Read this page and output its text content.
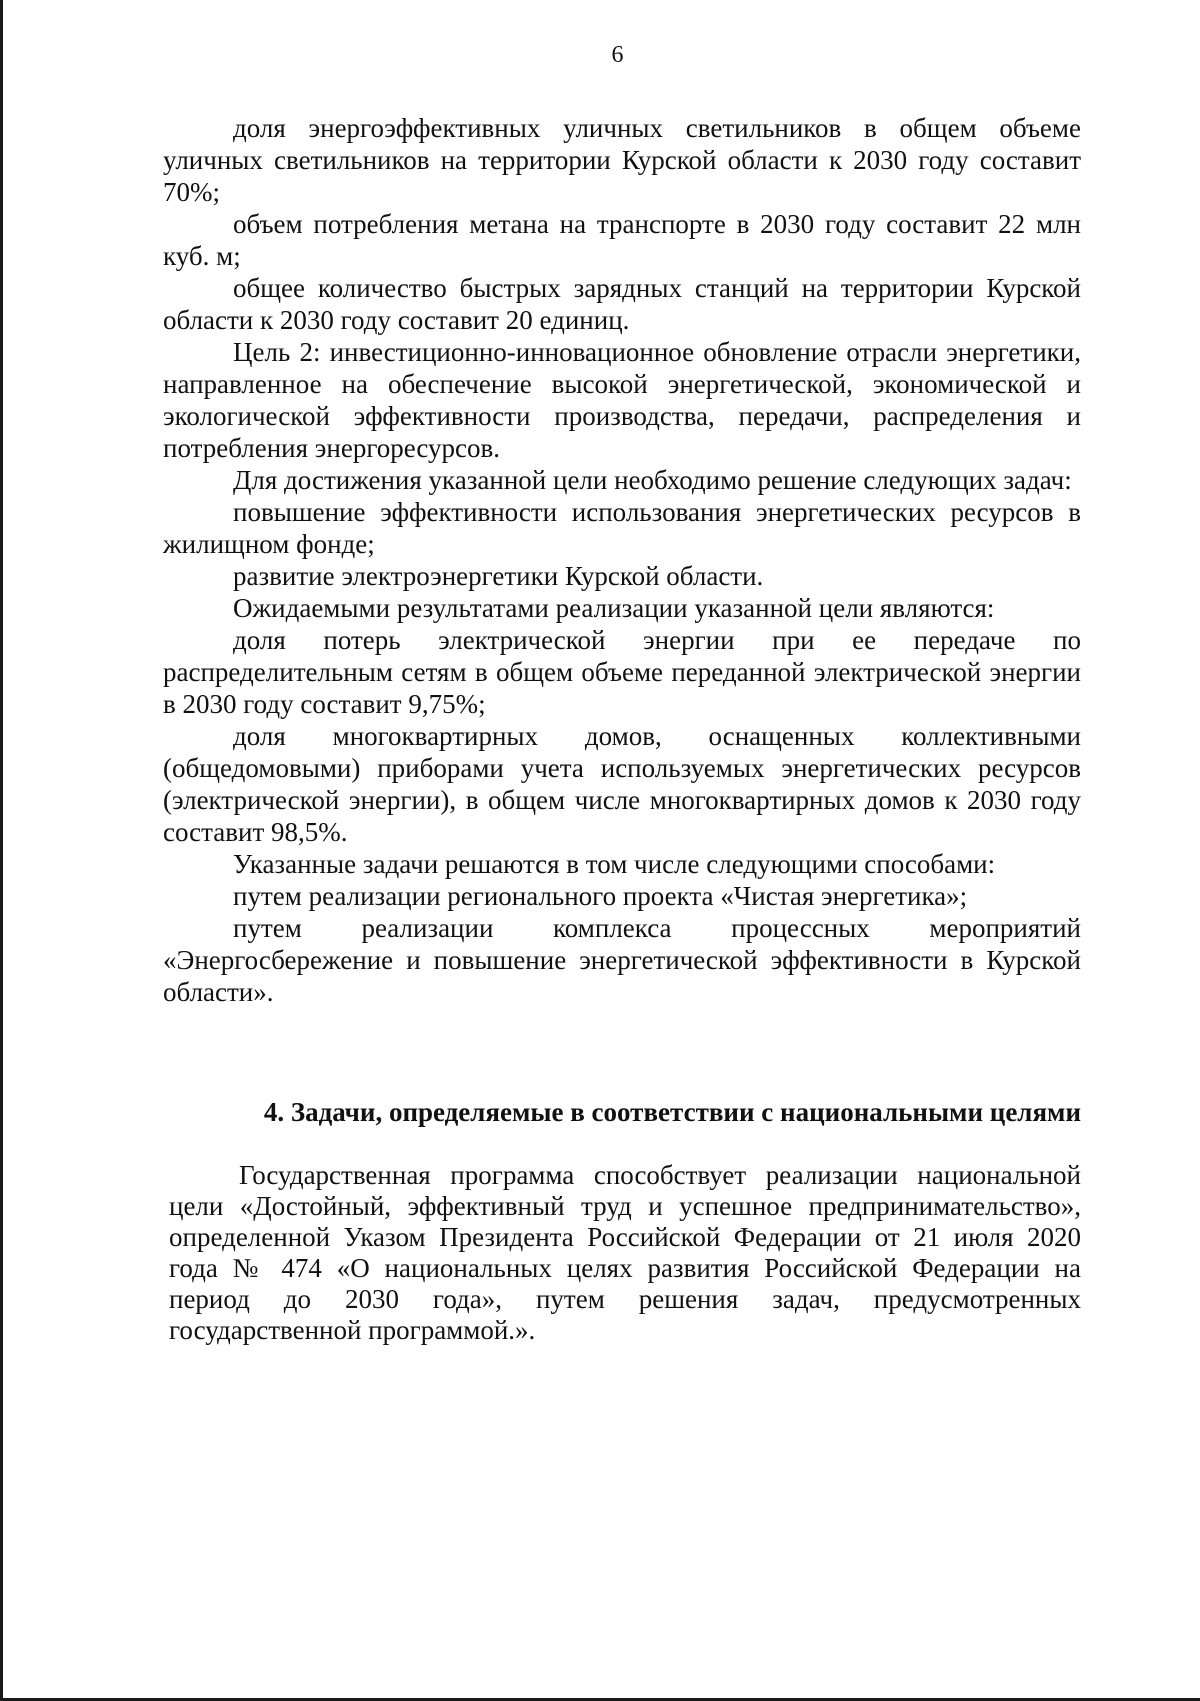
6

доля энергоэффективных уличных светильников в общем объеме уличных светильников на территории Курской области к 2030 году составит 70%;

объем потребления метана на транспорте в 2030 году составит 22 млн куб. м;

общее количество быстрых зарядных станций на территории Курской области к 2030 году составит 20 единиц.

Цель 2: инвестиционно-инновационное обновление отрасли энергетики, направленное на обеспечение высокой энергетической, экономической и экологической эффективности производства, передачи, распределения и потребления энергоресурсов.

Для достижения указанной цели необходимо решение следующих задач:

повышение эффективности использования энергетических ресурсов в жилищном фонде;

развитие электроэнергетики Курской области.

Ожидаемыми результатами реализации указанной цели являются:

доля потерь электрической энергии при ее передаче по распределительным сетям в общем объеме переданной электрической энергии в 2030 году составит 9,75%;

доля многоквартирных домов, оснащенных коллективными (общедомовыми) приборами учета используемых энергетических ресурсов (электрической энергии), в общем числе многоквартирных домов к 2030 году составит 98,5%.

Указанные задачи решаются в том числе следующими способами:

путем реализации регионального проекта «Чистая энергетика»;

путем реализации комплекса процессных мероприятий «Энергосбережение и повышение энергетической эффективности в Курской области».

4. Задачи, определяемые в соответствии с национальными целями

Государственная программа способствует реализации национальной цели «Достойный, эффективный труд и успешное предпринимательство», определенной Указом Президента Российской Федерации от 21 июля 2020 года № 474 «О национальных целях развития Российской Федерации на период до 2030 года», путем решения задач, предусмотренных государственной программой.».
